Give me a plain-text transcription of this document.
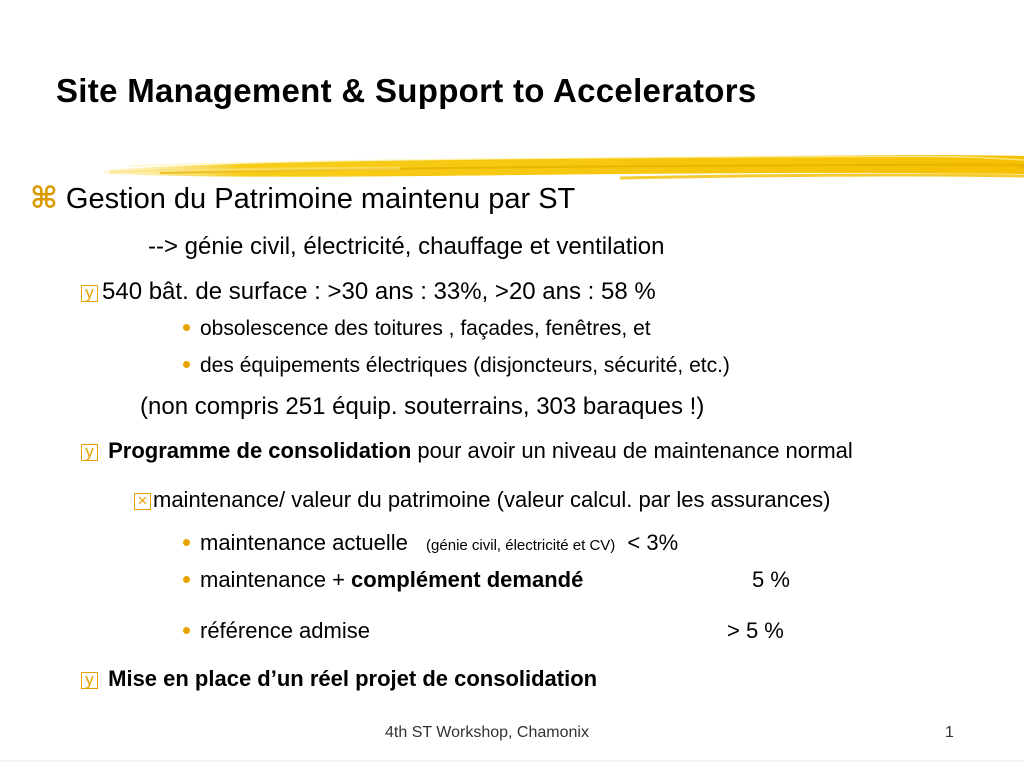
Site Management & Support to Accelerators
⌘ Gestion du Patrimoine maintenu par ST
--> génie civil, électricité, chauffage et ventilation
y 540 bât. de surface : >30 ans : 33%, >20 ans : 58 %
obsolescence des toitures , façades, fenêtres, et
des équipements électriques (disjoncteurs, sécurité, etc.)
(non compris 251 équip. souterrains, 303 baraques !)
y Programme de consolidation pour avoir un niveau de maintenance normal
× maintenance/ valeur du patrimoine (valeur calcul. par les assurances)
maintenance actuelle (génie civil, électricité et CV) < 3%
maintenance + complément demandé	5 %
référence admise	> 5 %
y Mise en place d’un réel projet de consolidation
4th ST Workshop, Chamonix	1
